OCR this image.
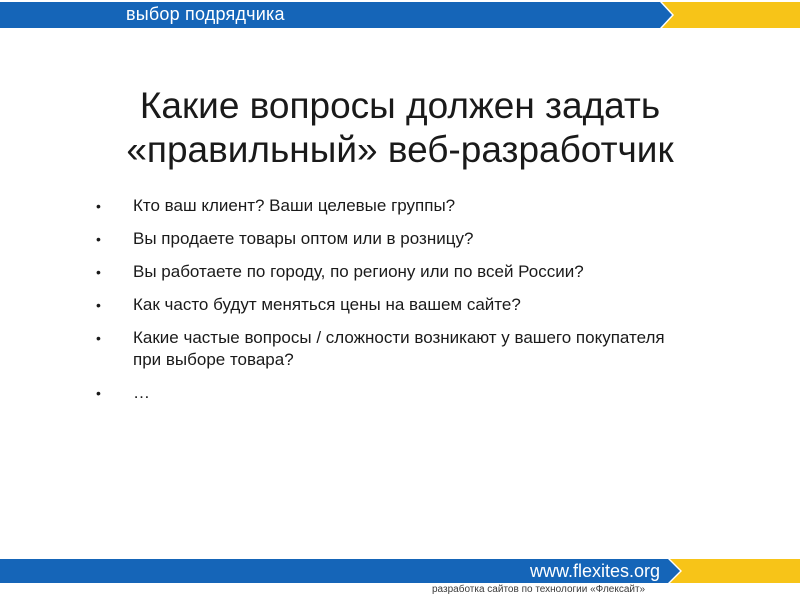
выбор подрядчика
Какие вопросы должен задать
«правильный» веб-разработчик
•	Кто ваш клиент? Ваши целевые группы?
•	Вы продаете товары оптом или в розницу?
•	Вы работаете по городу, по региону или по всей России?
•	Как часто будут меняться цены на вашем сайте?
•	Какие частые вопросы / сложности возникают у вашего покупателя при выборе товара?
•	…
www.flexites.org
разработка сайтов по технологии «Флексайт»
